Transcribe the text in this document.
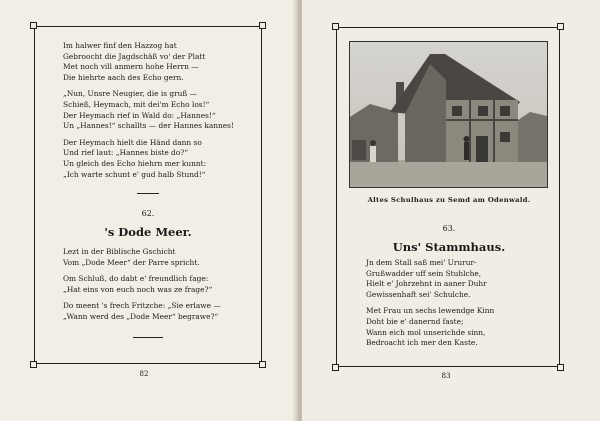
Im halwer finf den Hazzog hat
Gebroocht die Jagdschäß vo' der Platt
Met noch vill anmern hohe Herrn —
Die hiehrte aach des Echo gern.
„Nun, Unsre Neugier, die is gruß —
Schieß, Heymach, mit dei'm Echo los!“
Der Heymach rief in Wald do: „Hannes!“
Un „Hannes!“ schallts — der Hannes kannes!
Der Heymach hielt die Händ dann so
Und rief laut: „Hannes biste do?“
Un gleich des Echo hiehrn mer kunnt:
„Ich warte schunt e' gud halb Stund!“
62.
's Dode Meer.
Lezt in der Biblische Gschicht
Vom „Dode Meer“ der Parre spricht.
Om Schluß, do dabt e' freundlich fage:
„Hat eins von euch noch was ze frage?“
Do meent 's frech Fritzche: „Sie erlawe —
„Wann werd des „Dode Meer“ begrawe?“
82
Altes Schulhaus zu Semd am Odenwald.
63.
Uns' Stammhaus.
Jn dem Stall saß mei' Ururur-
Grußwadder uff sein Stuhlche,
Hielt e' Johrzehnt in aaner Duhr
Gewissenhaft sei' Schulche.
Met Frau un sechs lewendge Kinn
Doht bie e' danernd faste;
Wann eich mol unserichde sinn,
Bedroacht ich mer den Kaste.
83
